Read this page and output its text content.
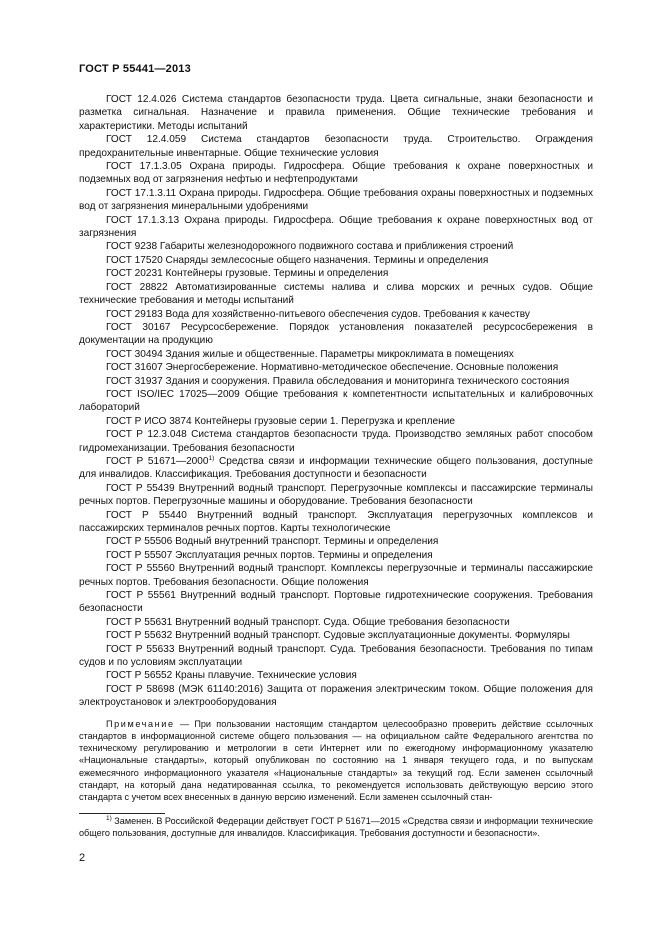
ГОСТ Р 55441—2013

ГОСТ 12.4.026 Система стандартов безопасности труда. Цвета сигнальные, знаки безопасности и разметка сигнальная. Назначение и правила применения. Общие технические требования и характеристики. Методы испытаний

ГОСТ 12.4.059 Система стандартов безопасности труда. Строительство. Ограждения предохранительные инвентарные. Общие технические условия

ГОСТ 17.1.3.05 Охрана природы. Гидросфера. Общие требования к охране поверхностных и подземных вод от загрязнения нефтью и нефтепродуктами

ГОСТ 17.1.3.11 Охрана природы. Гидросфера. Общие требования охраны поверхностных и подземных вод от загрязнения минеральными удобрениями

ГОСТ 17.1.3.13 Охрана природы. Гидросфера. Общие требования к охране поверхностных вод от загрязнения

ГОСТ 9238 Габариты железнодорожного подвижного состава и приближения строений

ГОСТ 17520 Снаряды землесосные общего назначения. Термины и определения

ГОСТ 20231 Контейнеры грузовые. Термины и определения

ГОСТ 28822 Автоматизированные системы налива и слива морских и речных судов. Общие технические требования и методы испытаний

ГОСТ 29183 Вода для хозяйственно-питьевого обеспечения судов. Требования к качеству

ГОСТ 30167 Ресурсосбережение. Порядок установления показателей ресурсосбережения в документации на продукцию

ГОСТ 30494 Здания жилые и общественные. Параметры микроклимата в помещениях

ГОСТ 31607 Энергосбережение. Нормативно-методическое обеспечение. Основные положения

ГОСТ 31937 Здания и сооружения. Правила обследования и мониторинга технического состояния

ГОСТ ISO/IEC 17025—2009 Общие требования к компетентности испытательных и калибровочных лабораторий

ГОСТ Р ИСО 3874 Контейнеры грузовые серии 1. Перегрузка и крепление

ГОСТ Р 12.3.048 Система стандартов безопасности труда. Производство земляных работ способом гидромеханизации. Требования безопасности

ГОСТ Р 51671—2000$^{1)}$ Средства связи и информации технические общего пользования, доступные для инвалидов. Классификация. Требования доступности и безопасности

ГОСТ Р 55439 Внутренний водный транспорт. Перегрузочные комплексы и пассажирские терминалы речных портов. Перегрузочные машины и оборудование. Требования безопасности

ГОСТ Р 55440 Внутренний водный транспорт. Эксплуатация перегрузочных комплексов и пассажирских терминалов речных портов. Карты технологические

ГОСТ Р 55506 Водный внутренний транспорт. Термины и определения

ГОСТ Р 55507 Эксплуатация речных портов. Термины и определения

ГОСТ Р 55560 Внутренний водный транспорт. Комплексы перегрузочные и терминалы пассажирские речных портов. Требования безопасности. Общие положения

ГОСТ Р 55561 Внутренний водный транспорт. Портовые гидротехнические сооружения. Требования безопасности

ГОСТ Р 55631 Внутренний водный транспорт. Суда. Общие требования безопасности

ГОСТ Р 55632 Внутренний водный транспорт. Судовые эксплуатационные документы. Формуляры

ГОСТ Р 55633 Внутренний водный транспорт. Суда. Требования безопасности. Требования по типам судов и по условиям эксплуатации

ГОСТ Р 56552 Краны плавучие. Технические условия

ГОСТ Р 58698 (МЭК 61140:2016) Защита от поражения электрическим током. Общие положения для электроустановок и электрооборудования

Примечание — При пользовании настоящим стандартом целесообразно проверить действие ссылочных стандартов в информационной системе общего пользования — на официальном сайте Федерального агентства по техническому регулированию и метрологии в сети Интернет или по ежегодному информационному указателю «Национальные стандарты», который опубликован по состоянию на 1 января текущего года, и по выпускам ежемесячного информационного указателя «Национальные стандарты» за текущий год. Если заменен ссылочный стандарт, на который дана недатированная ссылка, то рекомендуется использовать действующую версию этого стандарта с учетом всех внесенных в данную версию изменений. Если заменен ссылочный стан-

$^{1)}$ Заменен. В Российской Федерации действует ГОСТ Р 51671—2015 «Средства связи и информации технические общего пользования, доступные для инвалидов. Классификация. Требования доступности и безопасности».
2
